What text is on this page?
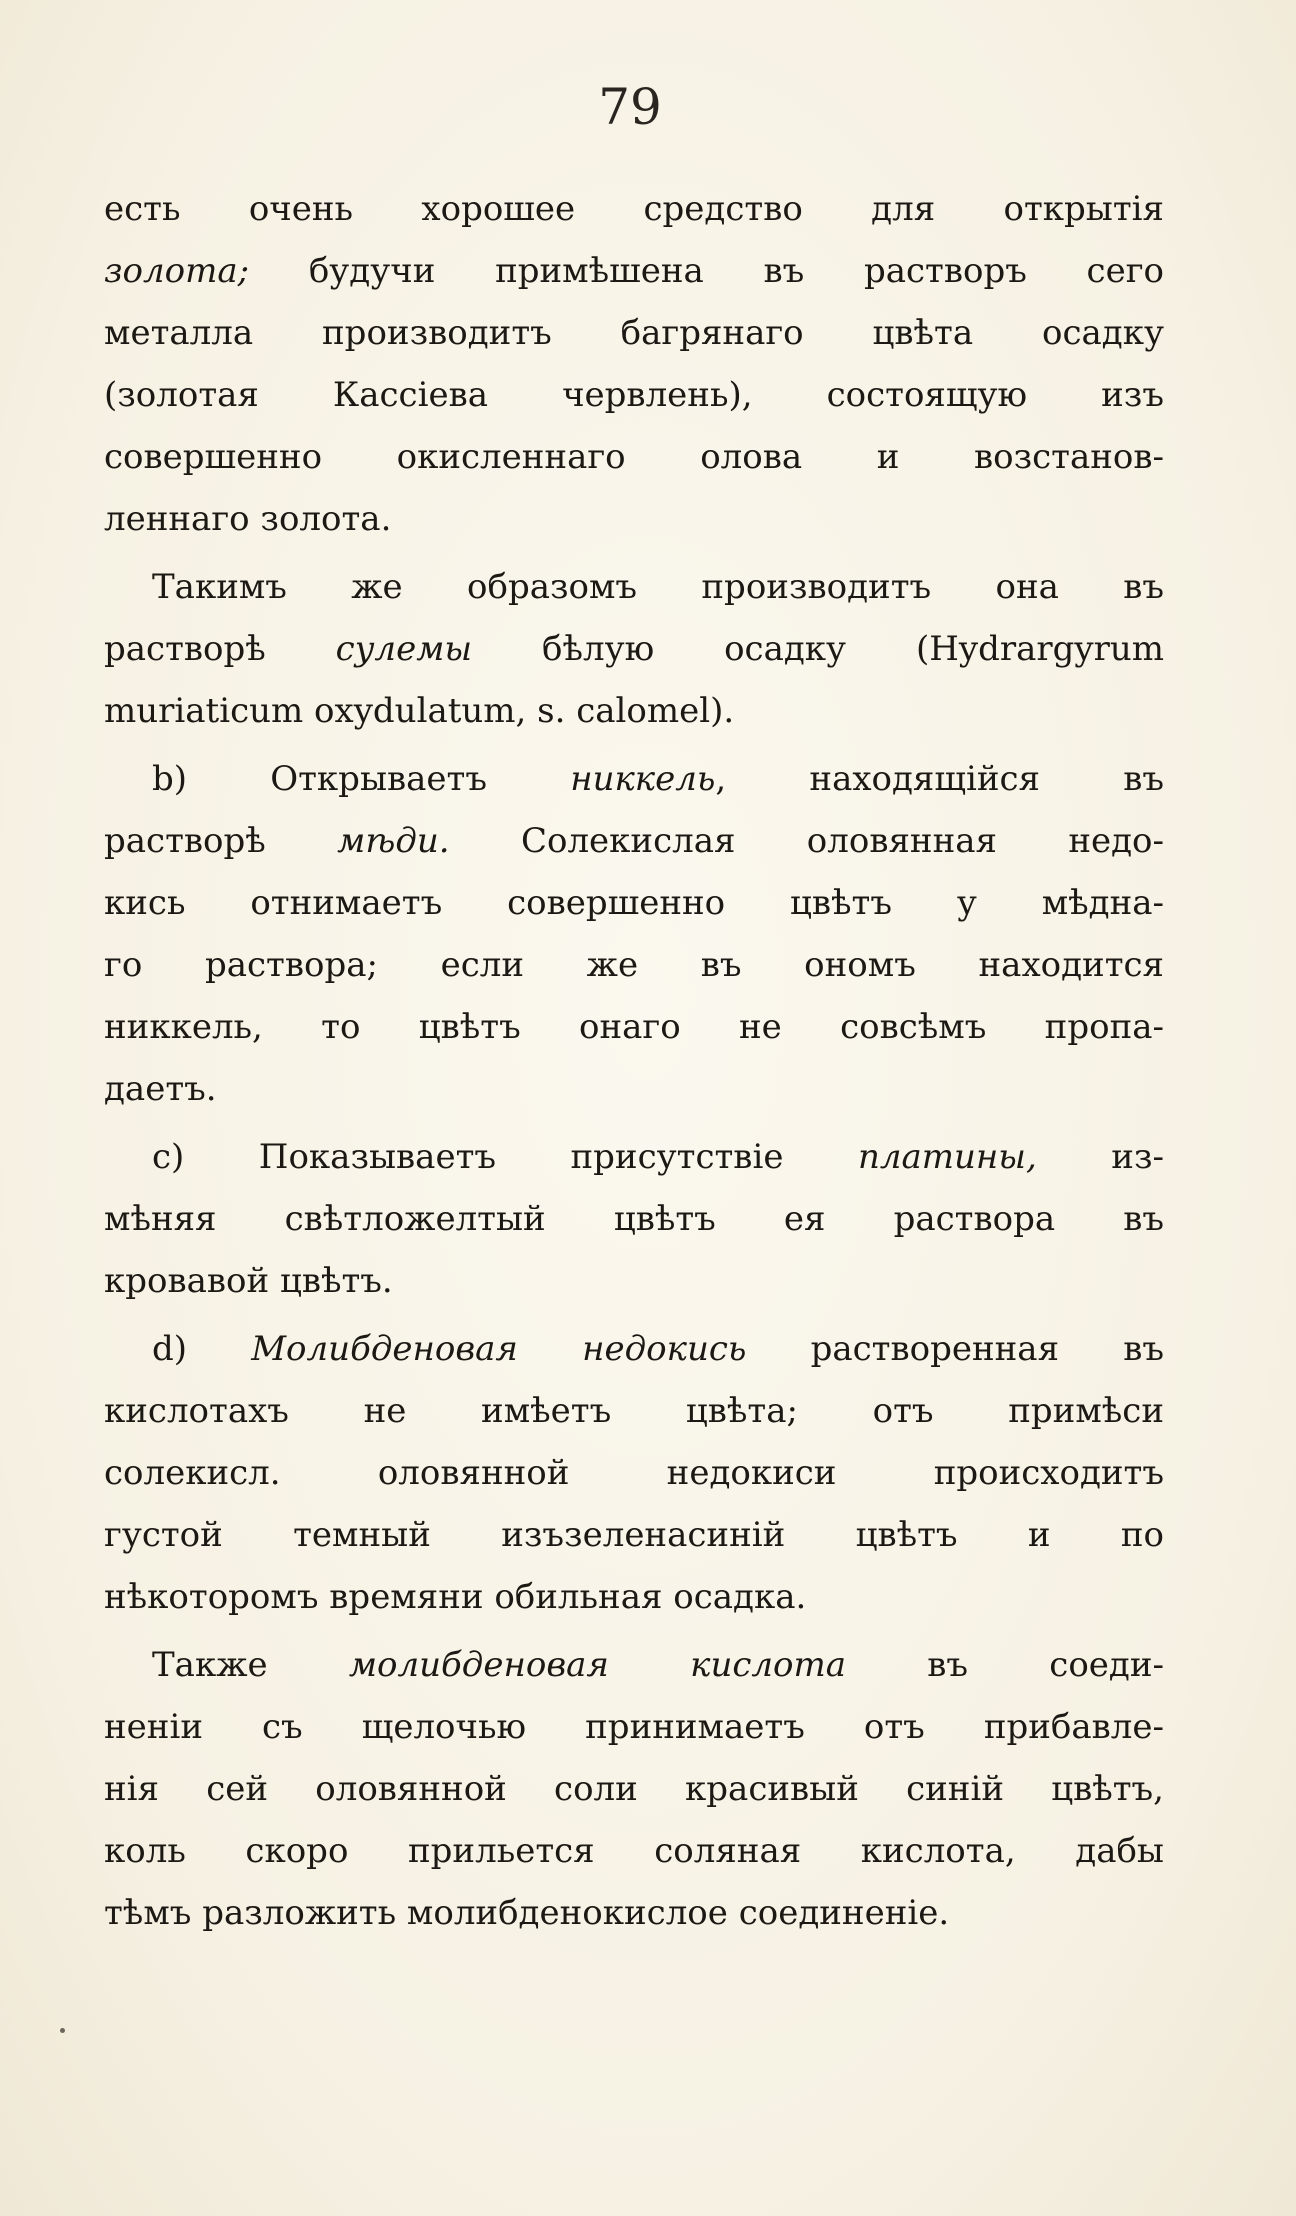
79
есть очень хорошее средство для открытія
золота; будучи примѣшена въ растворъ сего
металла производитъ багрянаго цвѣта осадку
(золотая Кассіева червлень), состоящую изъ
совершенно окисленнаго олова и возстанов-
леннаго золота.
Такимъ же образомъ производитъ она въ
растворѣ сулемы бѣлую осадку (Hydrargyrum
muriaticum oxydulatum, s. calomel).
b) Открываетъ никкель, находящійся въ
растворѣ мѣди. Солекислая оловянная недо-
кись отнимаетъ совершенно цвѣтъ у мѣдна-
го раствора; если же въ ономъ находится
никкель, то цвѣтъ онаго не совсѣмъ пропа-
даетъ.
c) Показываетъ присутствіе платины, из-
мѣняя свѣтложелтый цвѣтъ ея раствора въ
кровавой цвѣтъ.
d) Молибденовая недокись растворенная въ
кислотахъ не имѣетъ цвѣта; отъ примѣси
солекисл. оловянной недокиси происходитъ
густой темный изъзеленасиній цвѣтъ и по
нѣкоторомъ времяни обильная осадка.
Также молибденовая кислота въ соеди-
неніи съ щелочью принимаетъ отъ прибавле-
нія сей оловянной соли красивый синій цвѣтъ,
коль скоро прильется соляная кислота, дабы
тѣмъ разложить молибденокислое соединеніе.
